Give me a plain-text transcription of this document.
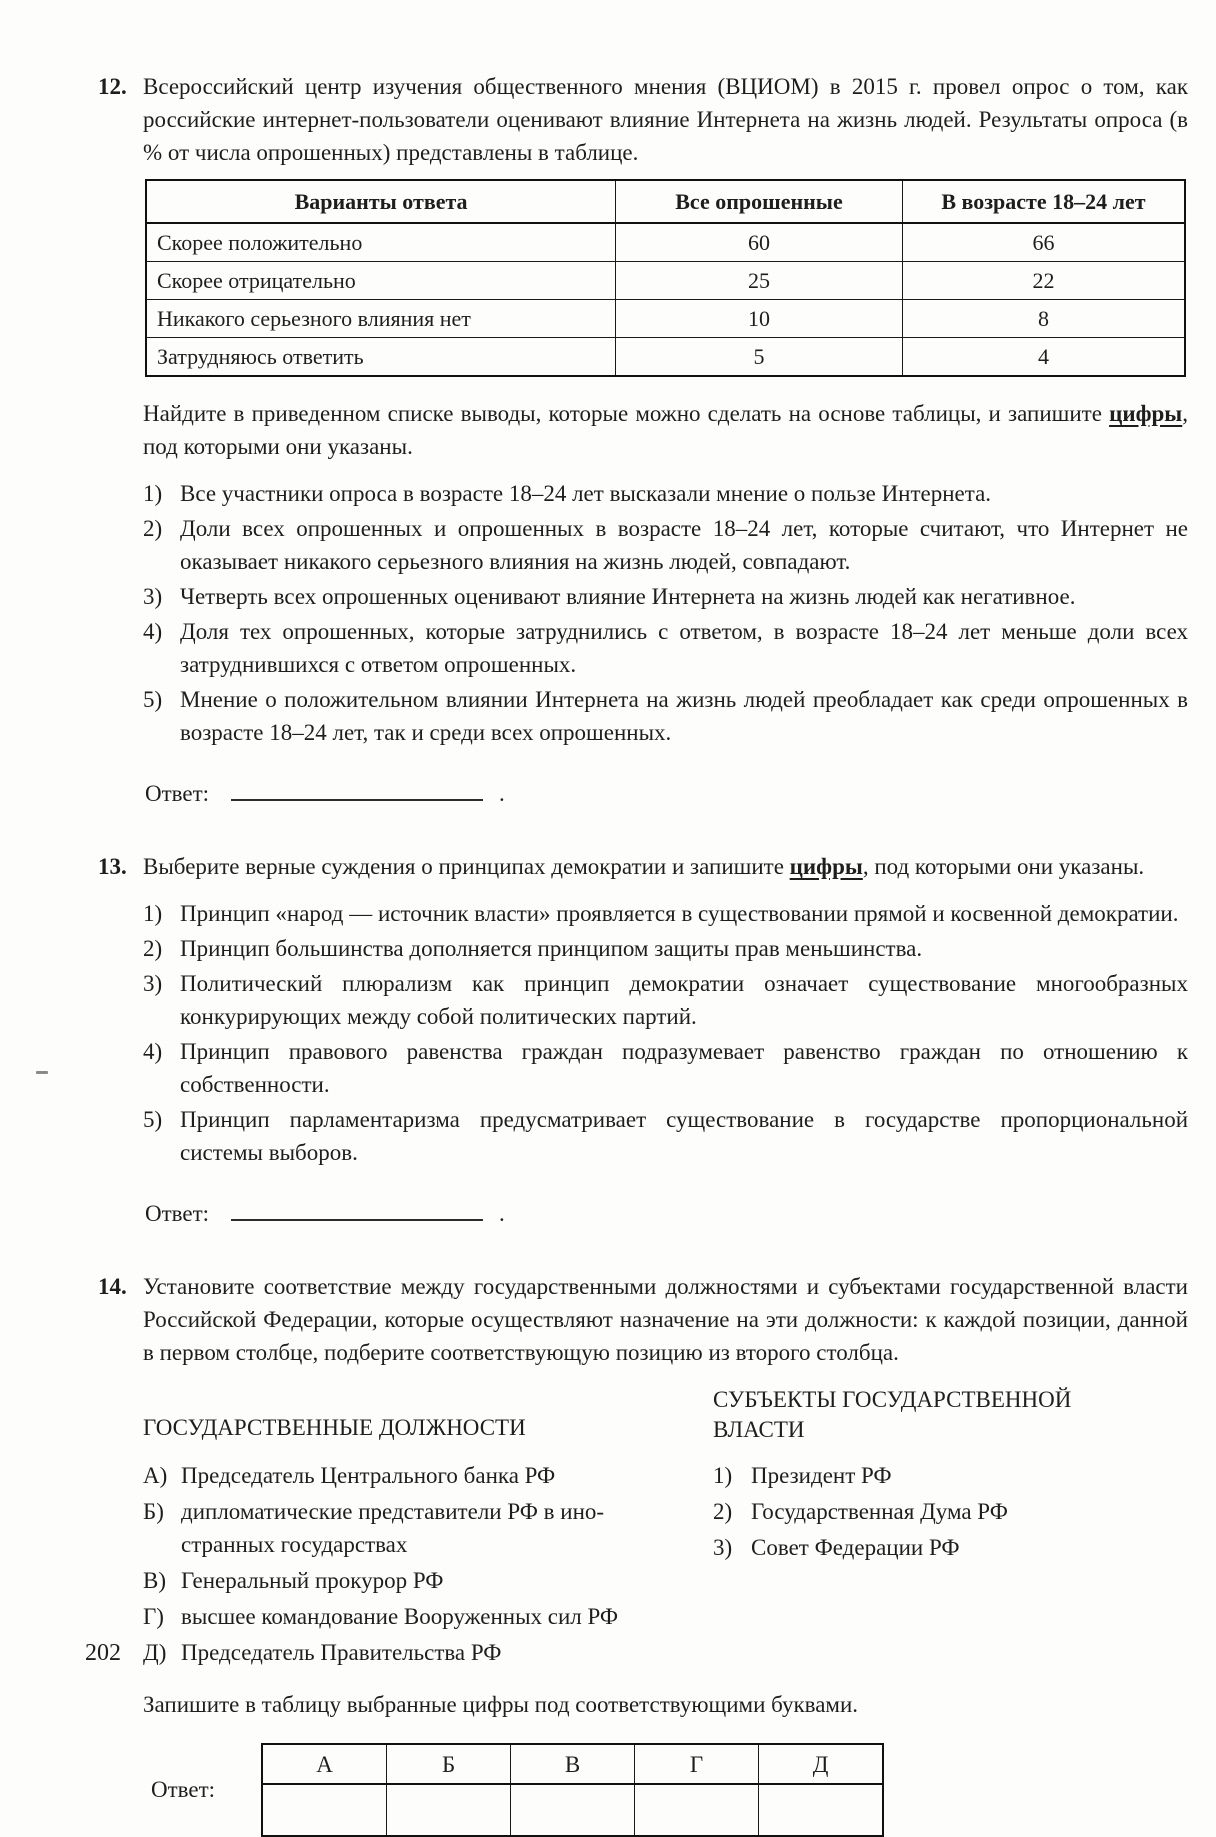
12. Всероссийский центр изучения общественного мнения (ВЦИОМ) в 2015 г. провел опрос о том, как российские интернет-пользователи оценивают влияние Интернета на жизнь людей. Результаты опроса (в % от числа опрошенных) представлены в таблице.

Варианты ответа	Все опрошенные	В возрасте 18–24 лет
Скорее положительно	60	66
Скорее отрицательно	25	22
Никакого серьезного влияния нет	10	8
Затрудняюсь ответить	5	4

Найдите в приведенном списке выводы, которые можно сделать на основе таблицы, и запишите цифры, под которыми они указаны.

1) Все участники опроса в возрасте 18–24 лет высказали мнение о пользе Интернета.
2) Доли всех опрошенных и опрошенных в возрасте 18–24 лет, которые считают, что Интернет не оказывает никакого серьезного влияния на жизнь людей, совпадают.
3) Четверть всех опрошенных оценивают влияние Интернета на жизнь людей как негативное.
4) Доля тех опрошенных, которые затруднились с ответом, в возрасте 18–24 лет меньше доли всех затруднившихся с ответом опрошенных.
5) Мнение о положительном влиянии Интернета на жизнь людей преобладает как среди опрошенных в возрасте 18–24 лет, так и среди всех опрошенных.
Ответ:	.
13. Выберите верные суждения о принципах демократии и запишите цифры, под которыми они указаны.

1) Принцип «народ — источник власти» проявляется в существовании прямой и косвенной демократии.
2) Принцип большинства дополняется принципом защиты прав меньшинства.
3) Политический плюрализм как принцип демократии означает существование многообразных конкурирующих между собой политических партий.
4) Принцип правового равенства граждан подразумевает равенство граждан по отношению к собственности.
5) Принцип парламентаризма предусматривает существование в государстве пропорциональной системы выборов.
Ответ:	.
14. Установите соответствие между государственными должностями и субъектами государственной власти Российской Федерации, которые осуществляют назначение на эти должности: к каждой позиции, данной в первом столбце, подберите соответствующую позицию из второго столбца.

ГОСУДАРСТВЕННЫЕ ДОЛЖНОСТИ
А) Председатель Центрального банка РФ
Б) дипломатические представители РФ в иностранных государствах
В) Генеральный прокурор РФ
Г) высшее командование Вооруженных сил РФ
Д) Председатель Правительства РФ
СУБЪЕКТЫ ГОСУДАРСТВЕННОЙ ВЛАСТИ
1) Президент РФ
2) Государственная Дума РФ
3) Совет Федерации РФ

Запишите в таблицу выбранные цифры под соответствующими буквами.

Ответ:
А	Б	В	Г	Д

202
